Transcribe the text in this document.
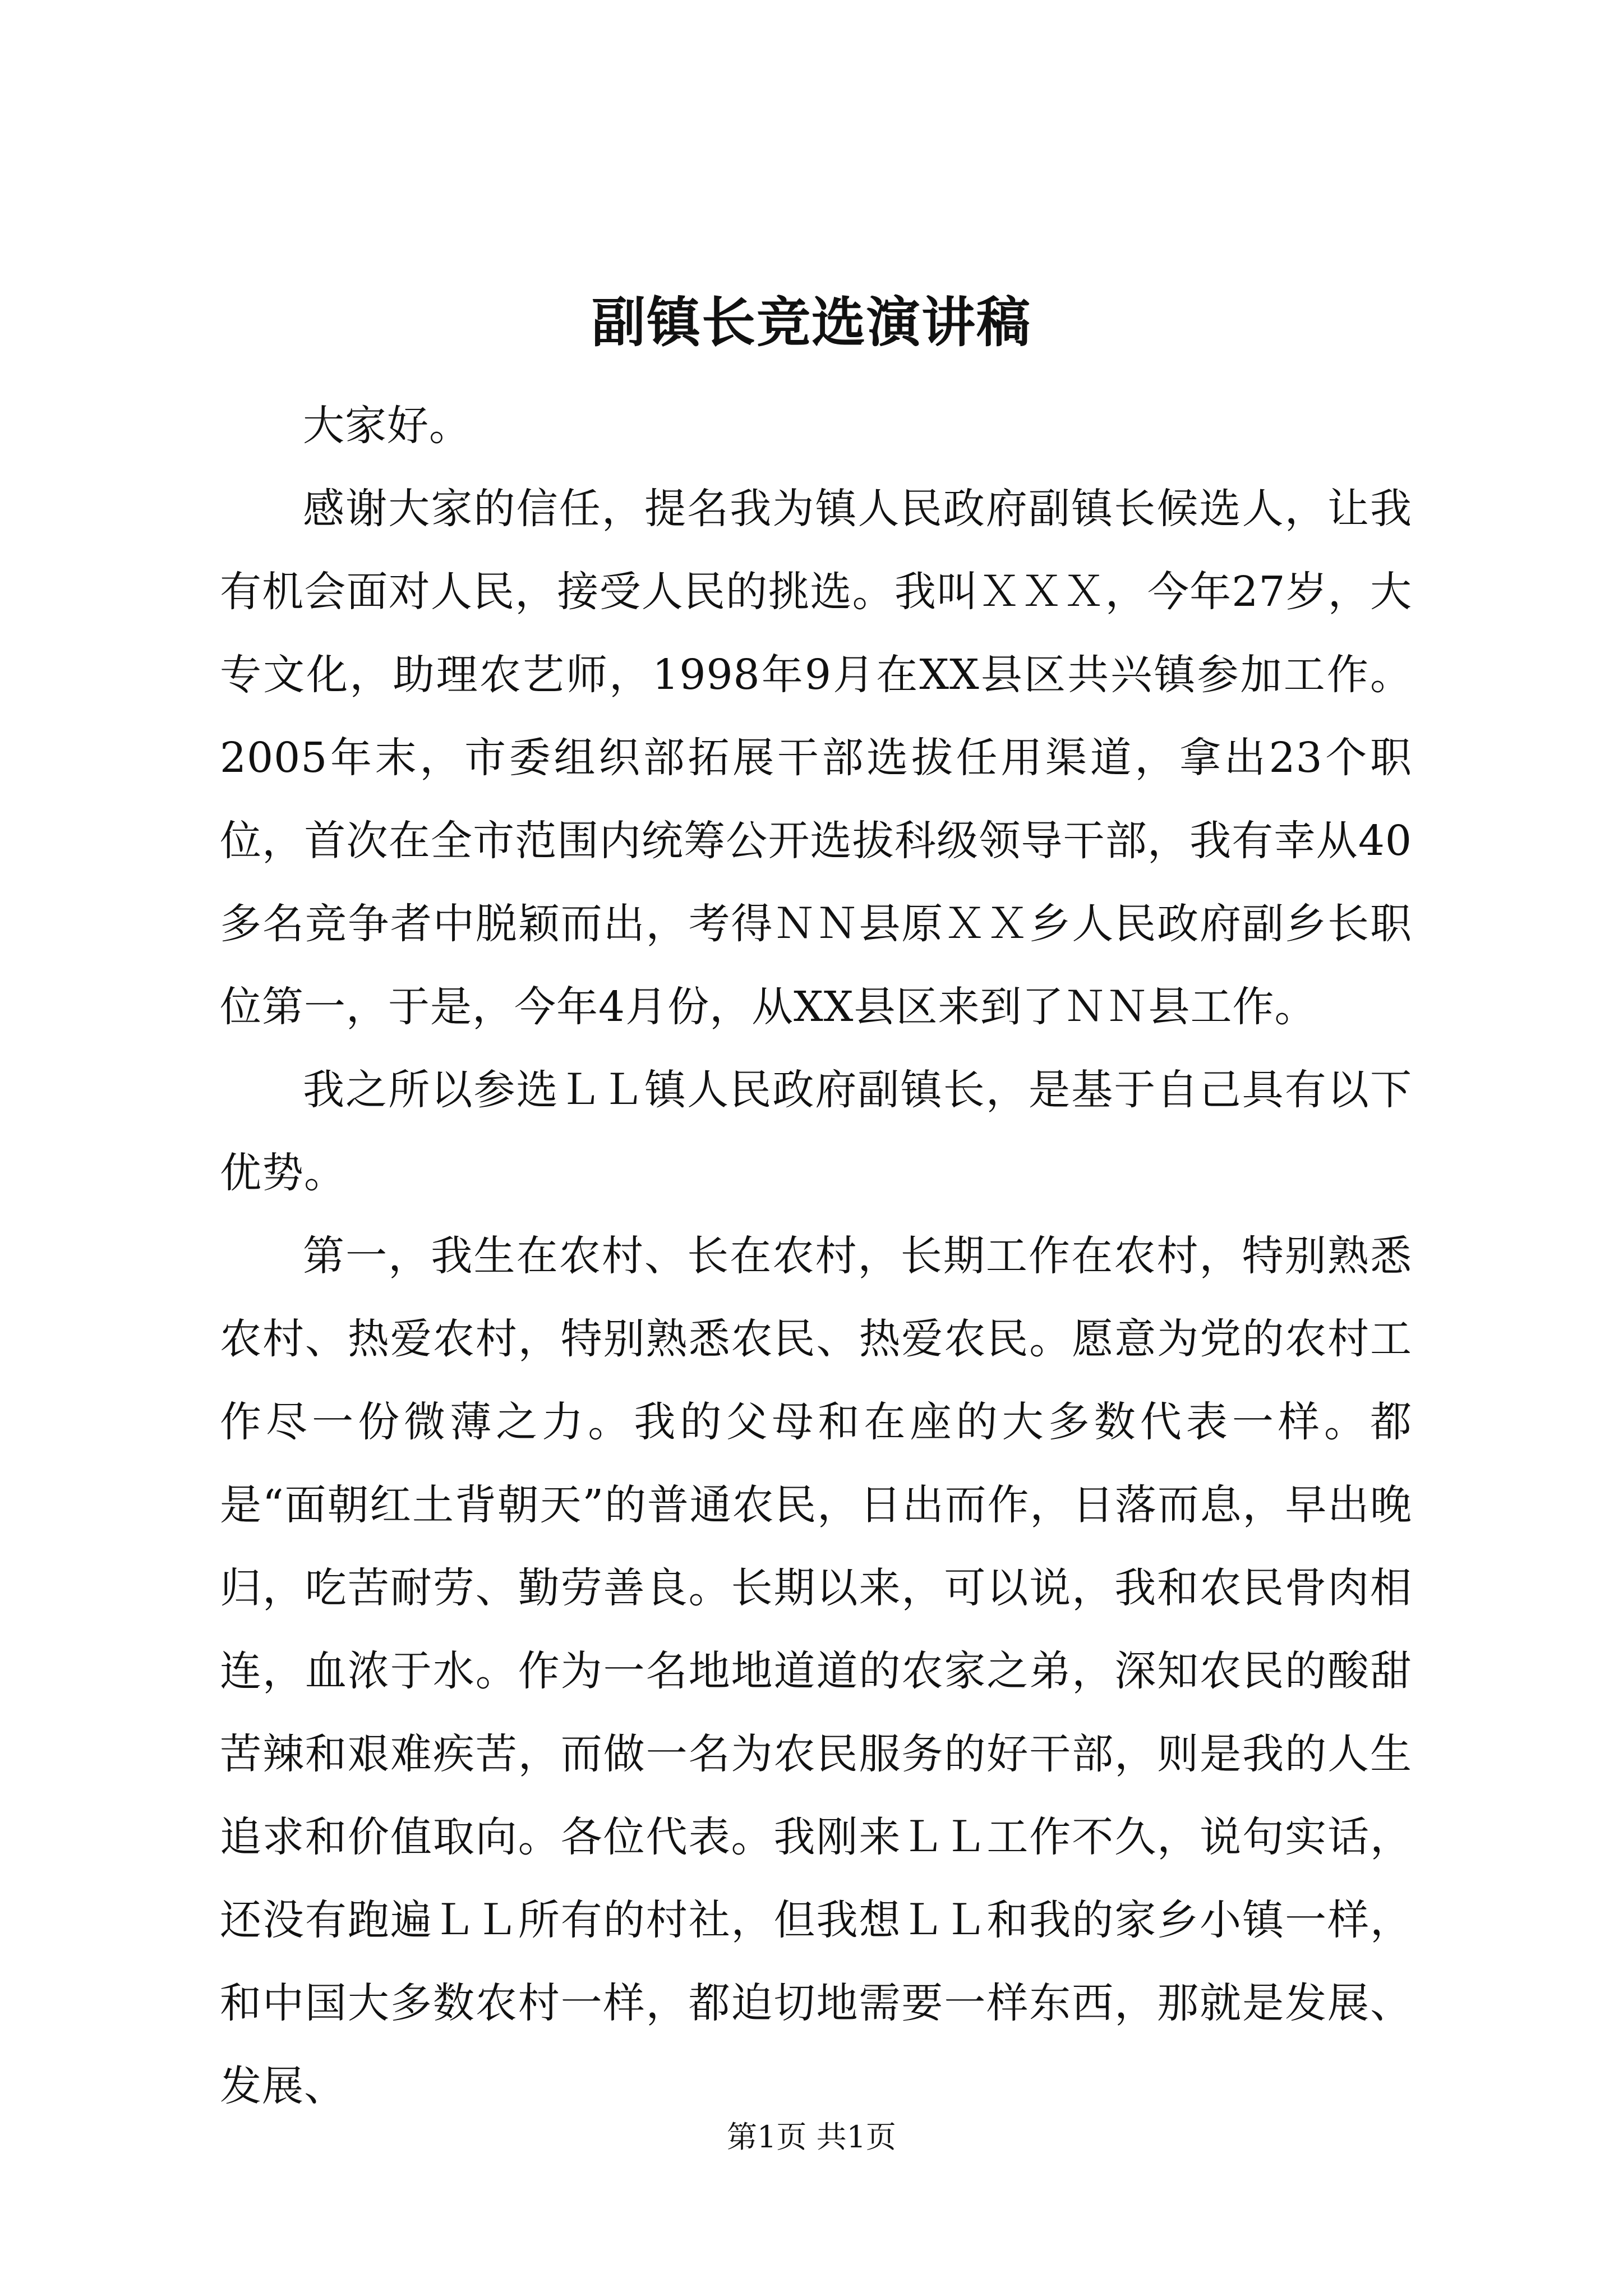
副镇长竞选演讲稿

大家好。

感谢大家的信任，提名我为镇人民政府副镇长候选人，让我有机会面对人民，接受人民的挑选。我叫ＸＸＸ，今年27岁，大专文化，助理农艺师，1998年9月在XX县区共兴镇参加工作。2005年末，市委组织部拓展干部选拔任用渠道，拿出23个职位，首次在全市范围内统筹公开选拔科级领导干部，我有幸从40多名竞争者中脱颖而出，考得ＮＮ县原ＸＸ乡人民政府副乡长职位第一，于是，今年4月份，从XX县区来到了ＮＮ县工作。

我之所以参选ＬＬ镇人民政府副镇长，是基于自己具有以下优势。

第一，我生在农村、长在农村，长期工作在农村，特别熟悉农村、热爱农村，特别熟悉农民、热爱农民。愿意为党的农村工作尽一份微薄之力。我的父母和在座的大多数代表一样。都是“面朝红土背朝天”的普通农民，日出而作，日落而息，早出晚归，吃苦耐劳、勤劳善良。长期以来，可以说，我和农民骨肉相连，血浓于水。作为一名地地道道的农家之弟，深知农民的酸甜苦辣和艰难疾苦，而做一名为农民服务的好干部，则是我的人生追求和价值取向。各位代表。我刚来ＬＬ工作不久，说句实话，还没有跑遍ＬＬ所有的村社，但我想ＬＬ和我的家乡小镇一样，和中国大多数农村一样，都迫切地需要一样东西，那就是发展、发展、

第1页 共1页
